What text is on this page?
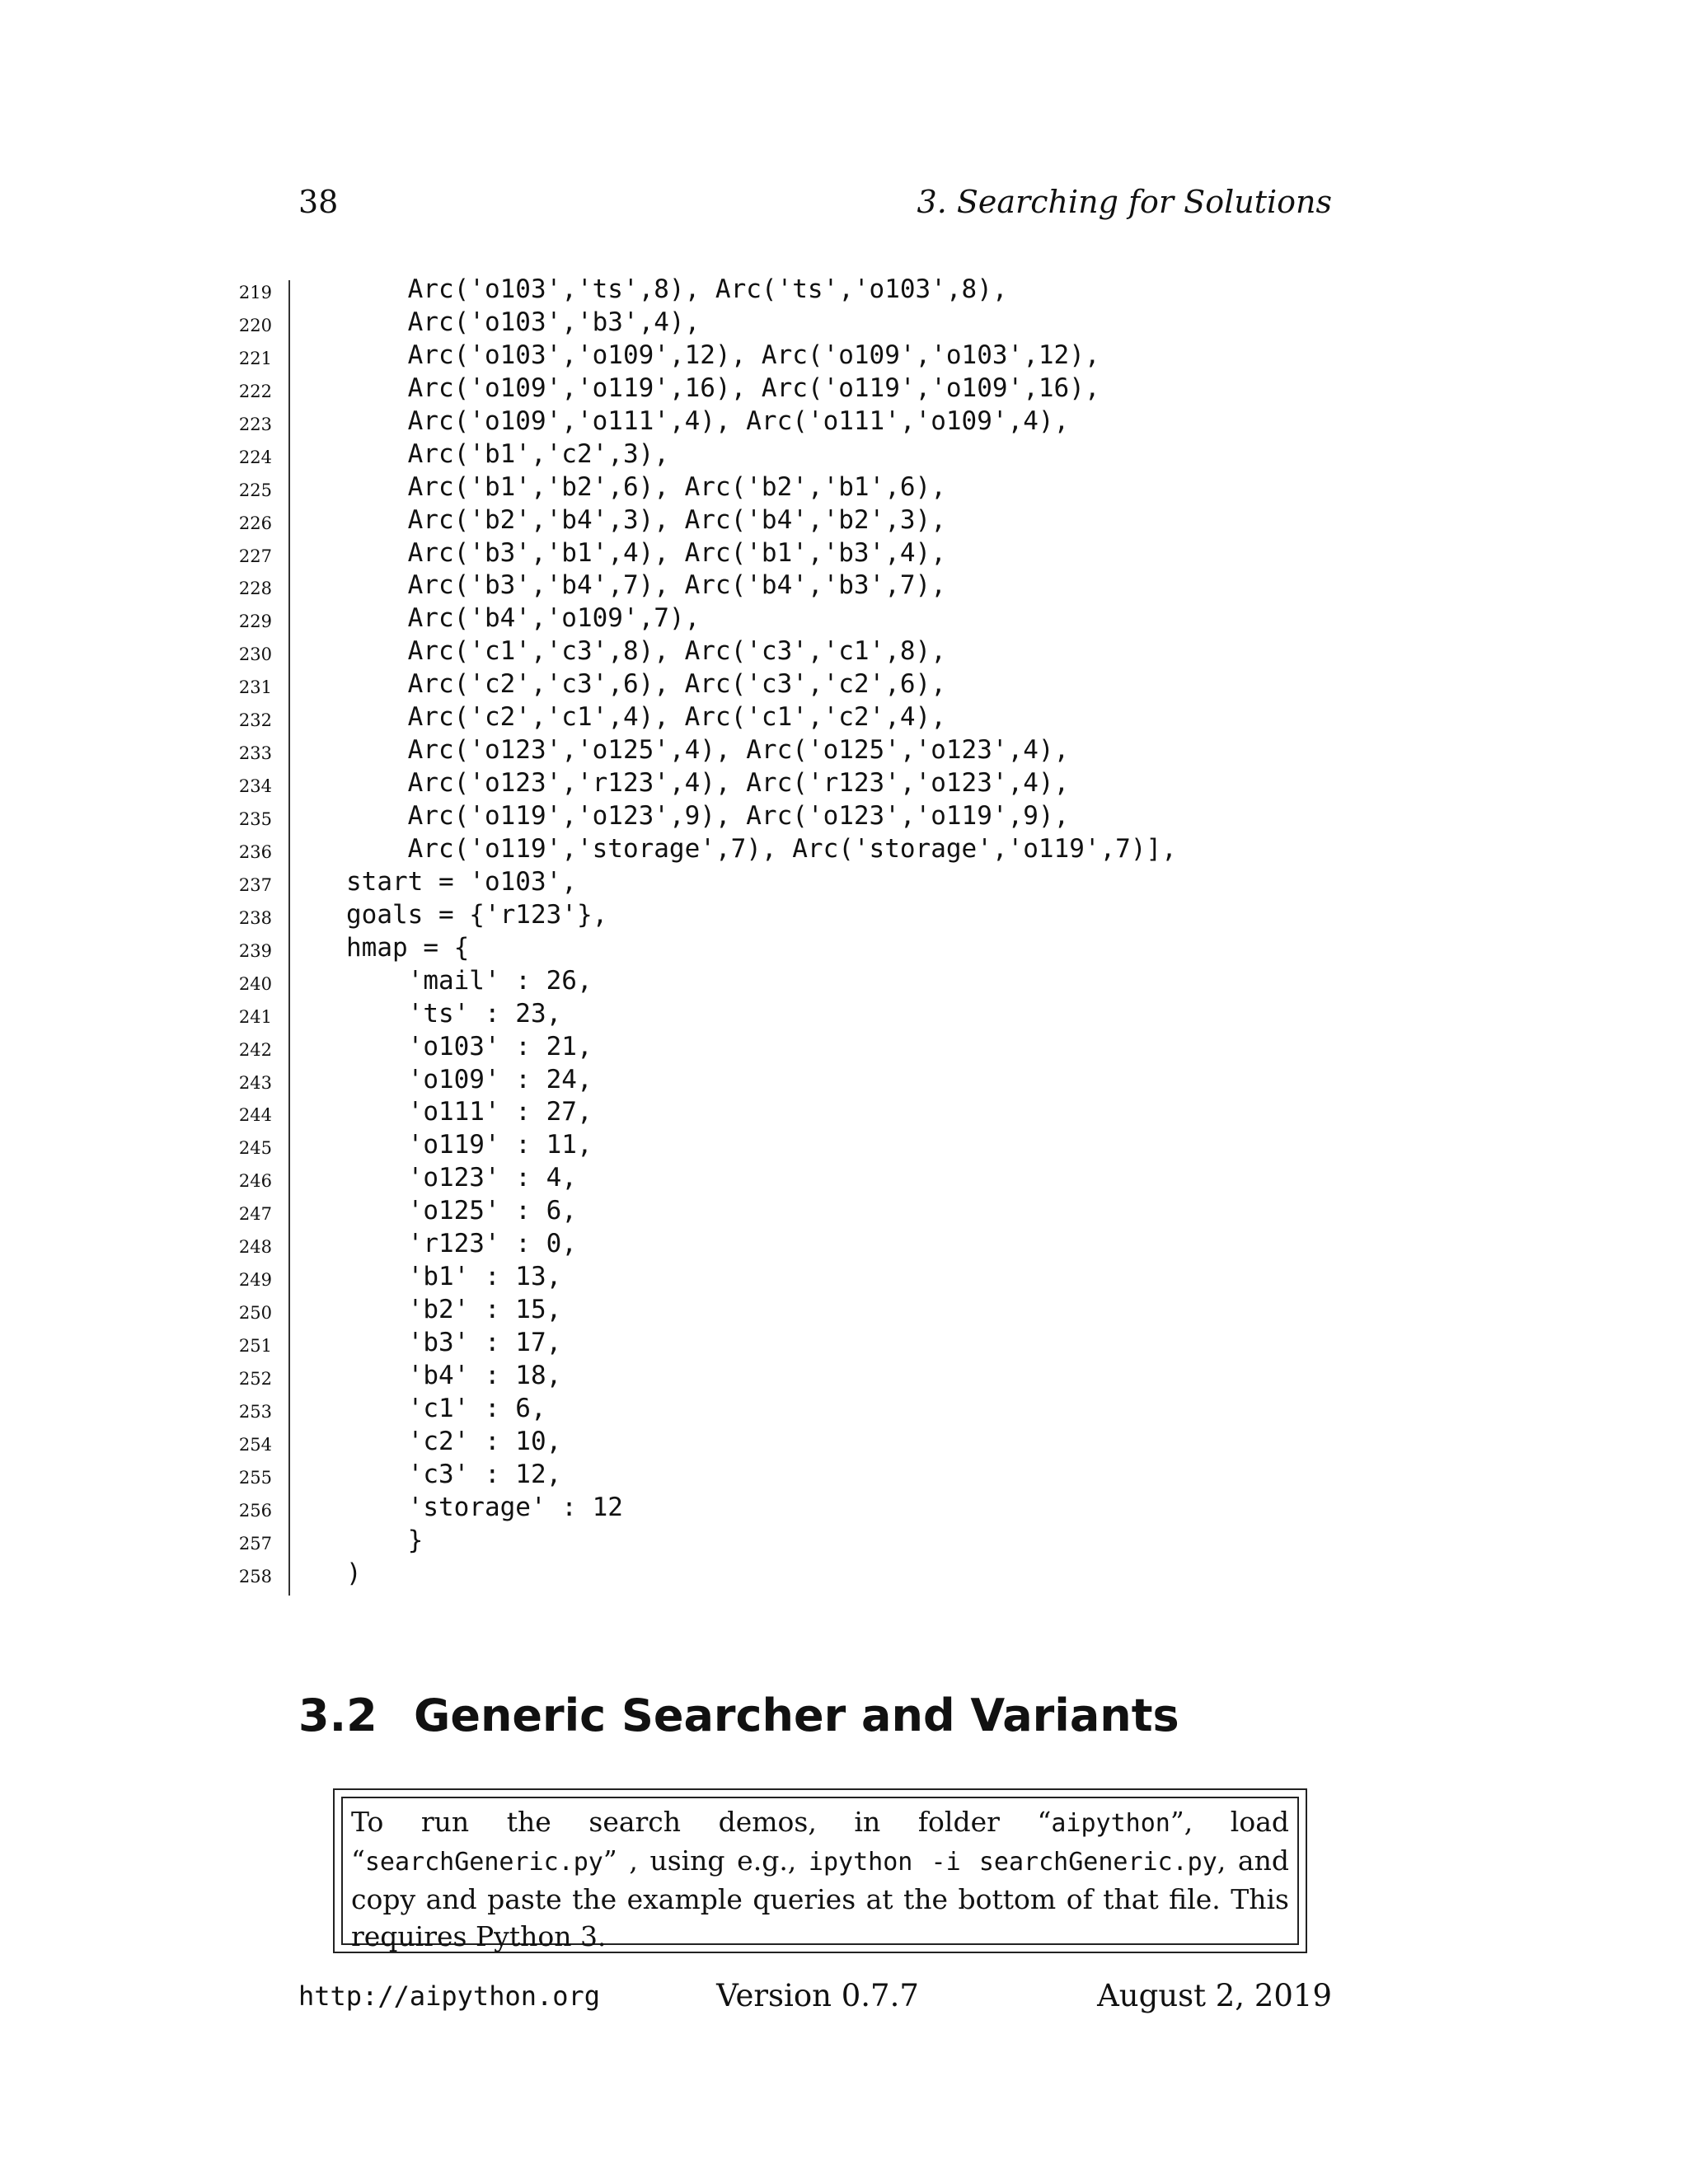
38	3. Searching for Solutions
219	Arc('o103','ts',8), Arc('ts','o103',8),
220	Arc('o103','b3',4),
221	Arc('o103','o109',12), Arc('o109','o103',12),
222	Arc('o109','o119',16), Arc('o119','o109',16),
223	Arc('o109','o111',4), Arc('o111','o109',4),
224	Arc('b1','c2',3),
225	Arc('b1','b2',6), Arc('b2','b1',6),
226	Arc('b2','b4',3), Arc('b4','b2',3),
227	Arc('b3','b1',4), Arc('b1','b3',4),
228	Arc('b3','b4',7), Arc('b4','b3',7),
229	Arc('b4','o109',7),
230	Arc('c1','c3',8), Arc('c3','c1',8),
231	Arc('c2','c3',6), Arc('c3','c2',6),
232	Arc('c2','c1',4), Arc('c1','c2',4),
233	Arc('o123','o125',4), Arc('o125','o123',4),
234	Arc('o123','r123',4), Arc('r123','o123',4),
235	Arc('o119','o123',9), Arc('o123','o119',9),
236	Arc('o119','storage',7), Arc('storage','o119',7)],
237	start = 'o103',
238	goals = {'r123'},
239	hmap = {
240	'mail' : 26,
241	'ts' : 23,
242	'o103' : 21,
243	'o109' : 24,
244	'o111' : 27,
245	'o119' : 11,
246	'o123' : 4,
247	'o125' : 6,
248	'r123' : 0,
249	'b1' : 13,
250	'b2' : 15,
251	'b3' : 17,
252	'b4' : 18,
253	'c1' : 6,
254	'c2' : 10,
255	'c3' : 12,
256	'storage' : 12
257	}
258	)
3.2 Generic Searcher and Variants
To run the search demos, in folder “aipython”, load “searchGeneric.py” , using e.g., ipython -i searchGeneric.py, and copy and paste the example queries at the bottom of that file. This requires Python 3.
http://aipython.org	Version 0.7.7	August 2, 2019
